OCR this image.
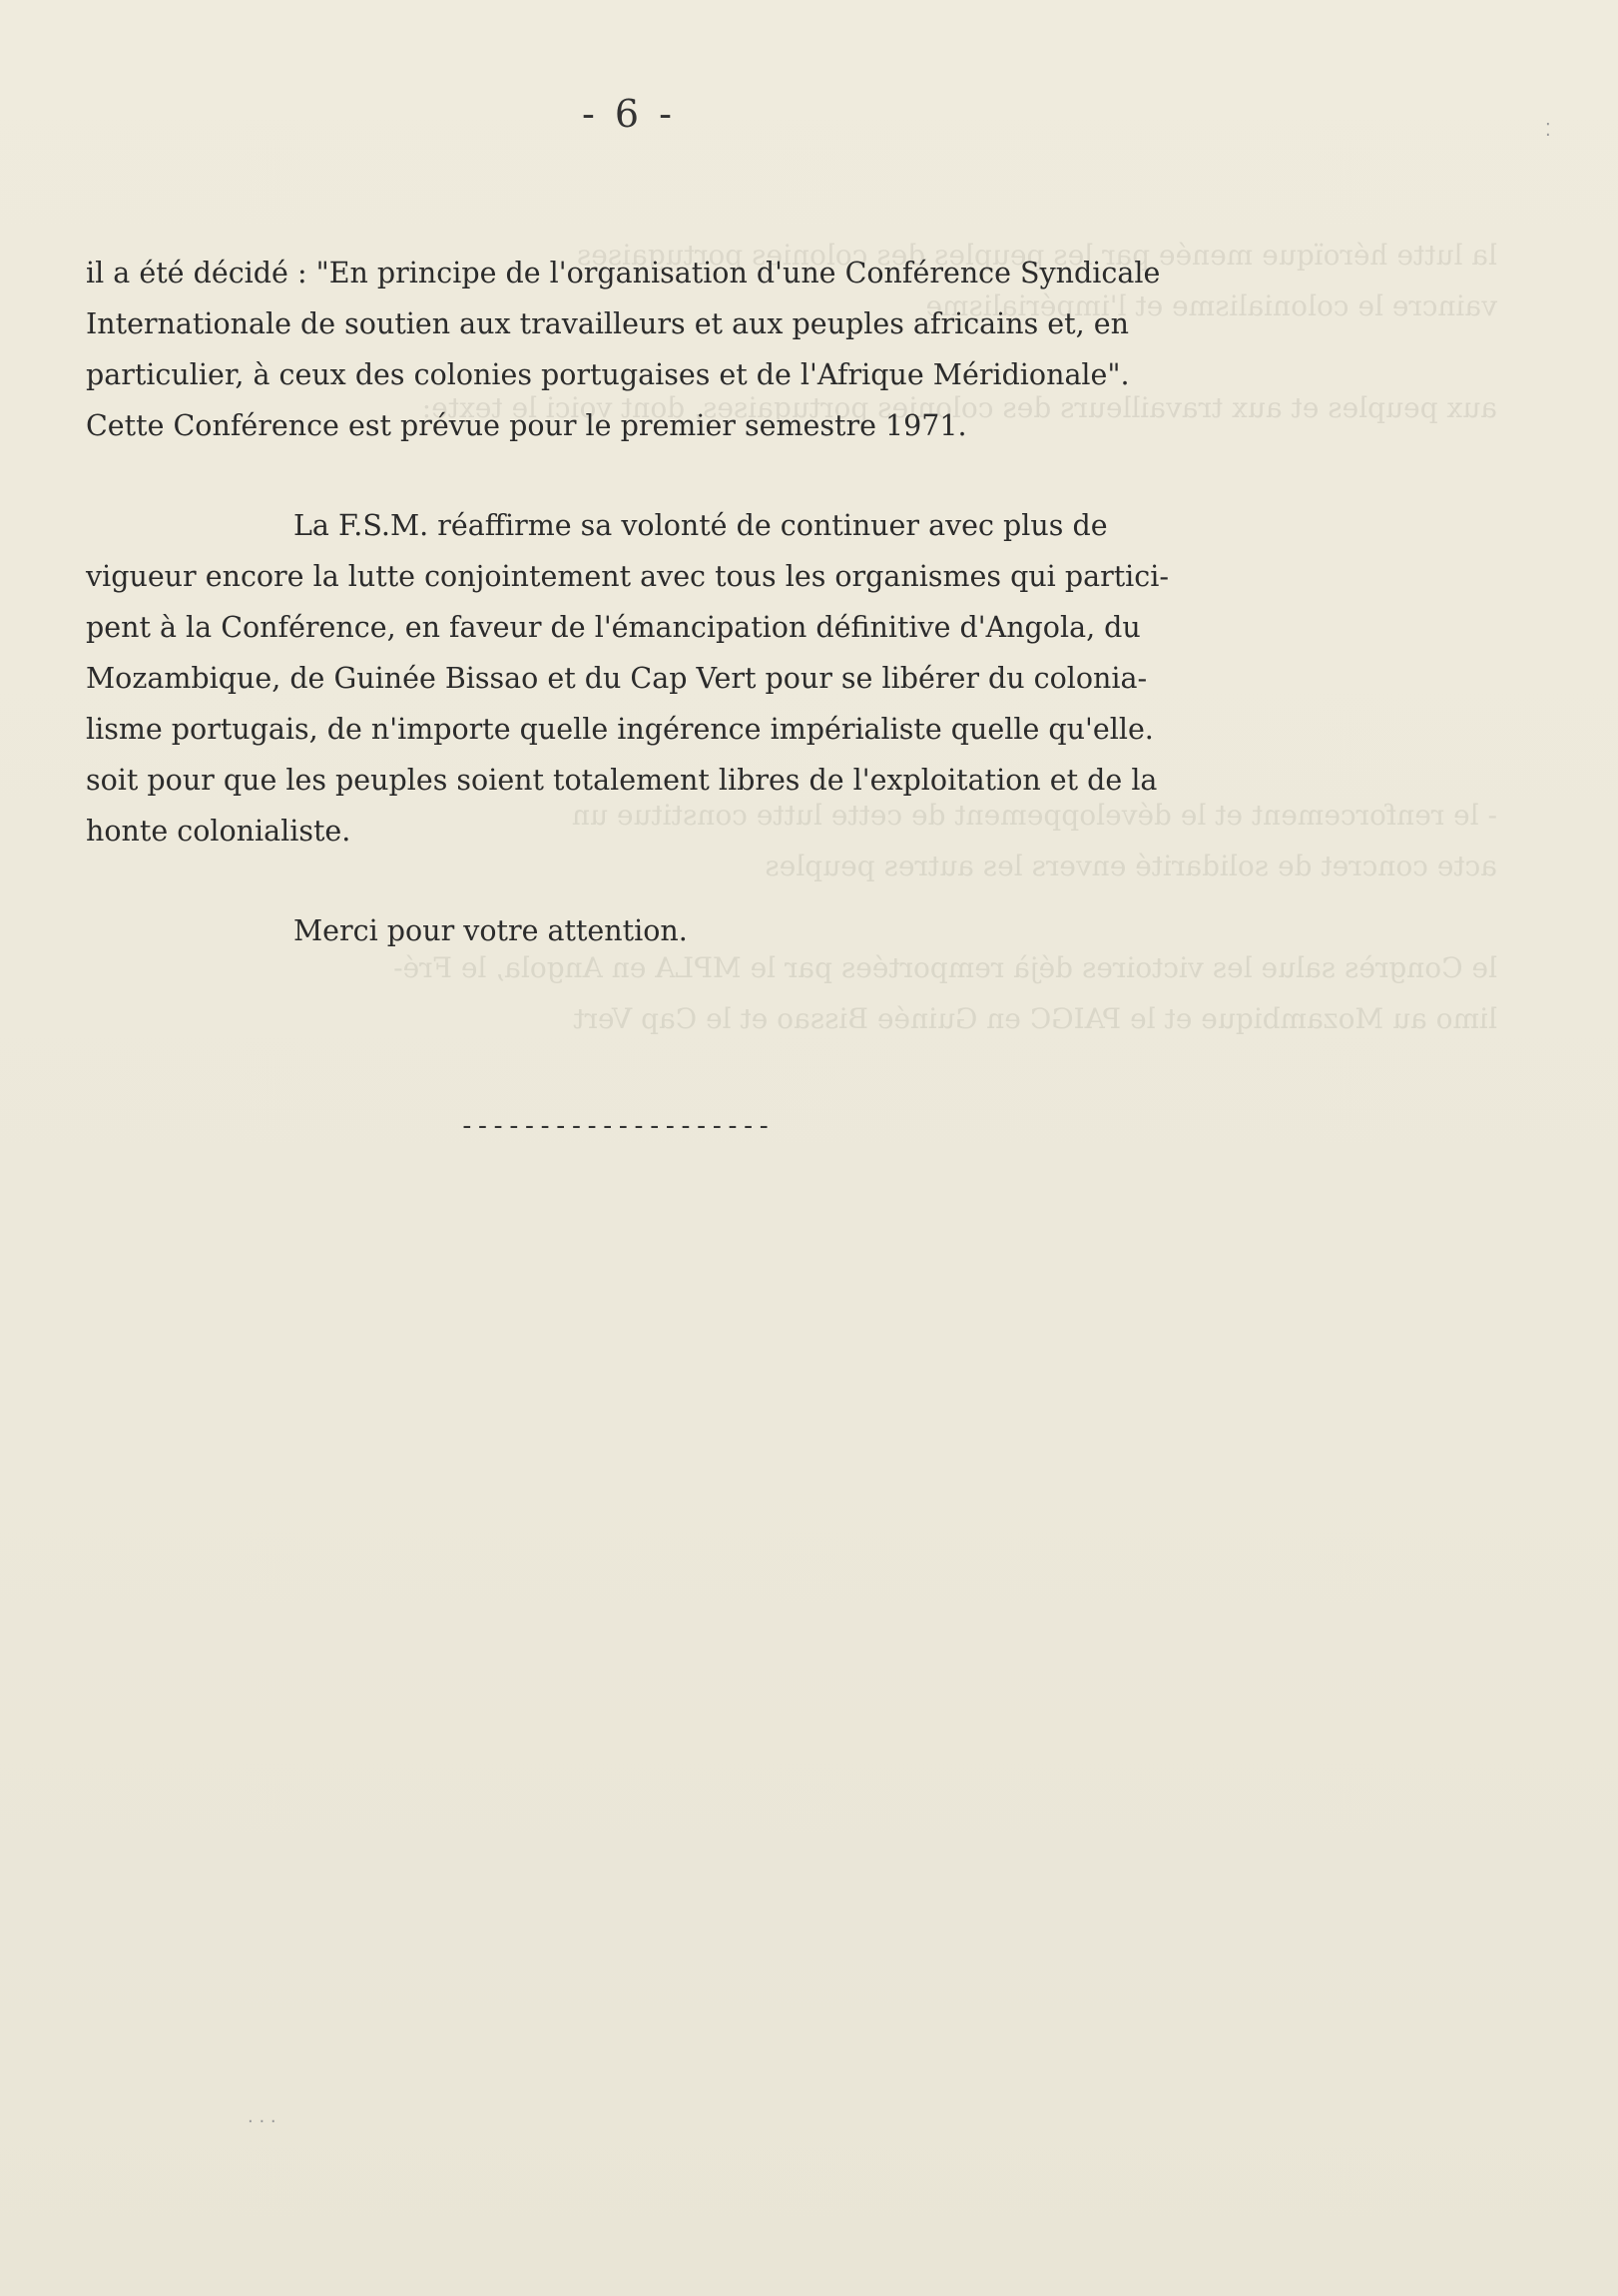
la lutte héroïque menée par les peuples des colonies portugaises
vaincre le colonialisme et l'impérialisme

aux peuples et aux travailleurs des colonies portugaises, dont voici le texte:

- le renforcement et le développement de cette lutte constitue un
acte concret de solidarité envers les autres peuples

le Congrès salue les victoires déjà remportées par le MPLA en Angola, le Fré-
limo au Mozambique et le PAIGC en Guinée Bissao et le Cap Vert
- 6 -	⁚
. . .
il a été décidé : "En principe de l'organisation d'une Conférence Syndicale
Internationale de soutien aux travailleurs et aux peuples africains et, en
particulier, à ceux des colonies portugaises et de l'Afrique Méridionale".
Cette Conférence est prévue pour le premier semestre 1971.
La F.S.M. réaffirme sa volonté de continuer avec plus de
vigueur encore la lutte conjointement avec tous les organismes qui partici-
pent à la Conférence, en faveur de l'émancipation définitive d'Angola, du
Mozambique, de Guinée Bissao et du Cap Vert pour se libérer du colonia-
lisme portugais, de n'importe quelle ingérence impérialiste quelle qu'elle.
soit pour que les peuples soient totalement libres de l'exploitation et de la
honte colonialiste.
Merci pour votre attention.
--------------------
